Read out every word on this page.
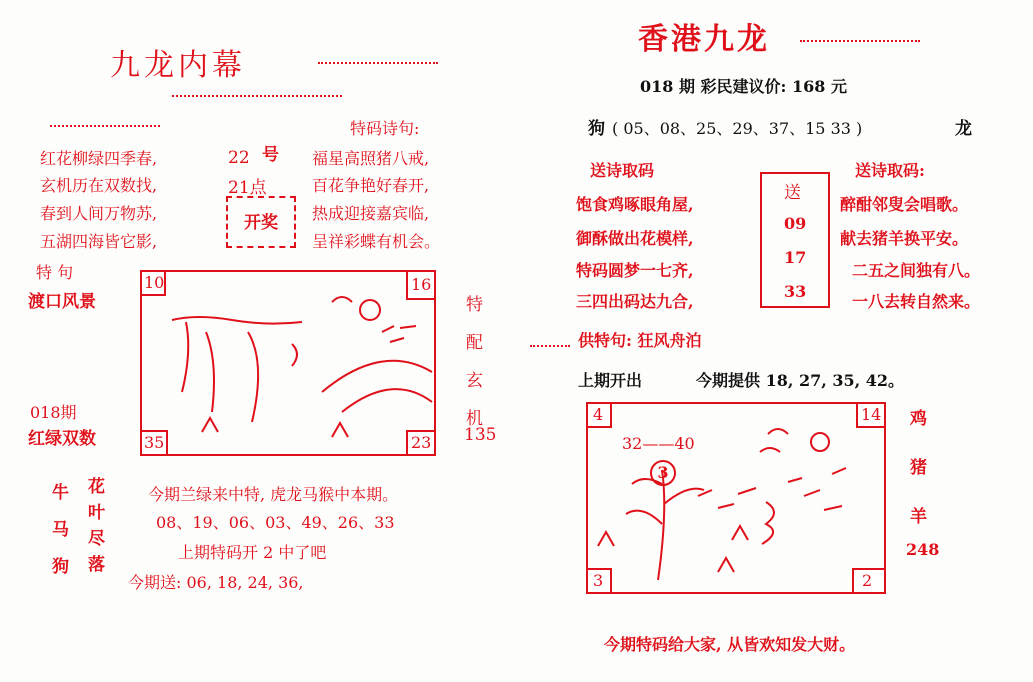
九龙内幕
特码诗句:
红花柳绿四季春,
玄机历在双数找,
春到人间万物苏,
五湖四海皆它影,
福星高照猪八戒,
百花争艳好春开,
热成迎接嘉宾临,
呈祥彩蝶有机会。
22 号
21点
开奖
特 句
渡口风景
018期
红绿双数
10	16
35	23
特
配
玄
机
135
牛
马
狗
花
叶
尽
落
今期兰绿来中特, 虎龙马猴中本期。
08、19、06、03、49、26、33
上期特码开 2 中了吧
今期送: 06, 18, 24, 36,
香港九龙
018 期 彩民建议价: 168 元
狗 ( 05、08、25、29、37、15 33 )	龙
送诗取码	送诗取码:
饱食鸡啄眼角屋,
御酥做出花模样,
特码圆梦一七齐,
三四出码达九合,
醉酣邻叟会唱歌。
献去猪羊换平安。
二五之间独有八。
一八去转自然来。
送
09
17
33
供特句: 狂风舟泊
上期开出	今期提供 18, 27, 35, 42。
32——40
3
4	14
3	2
鸡
猪
羊
248
今期特码给大家, 从皆欢知发大财。
